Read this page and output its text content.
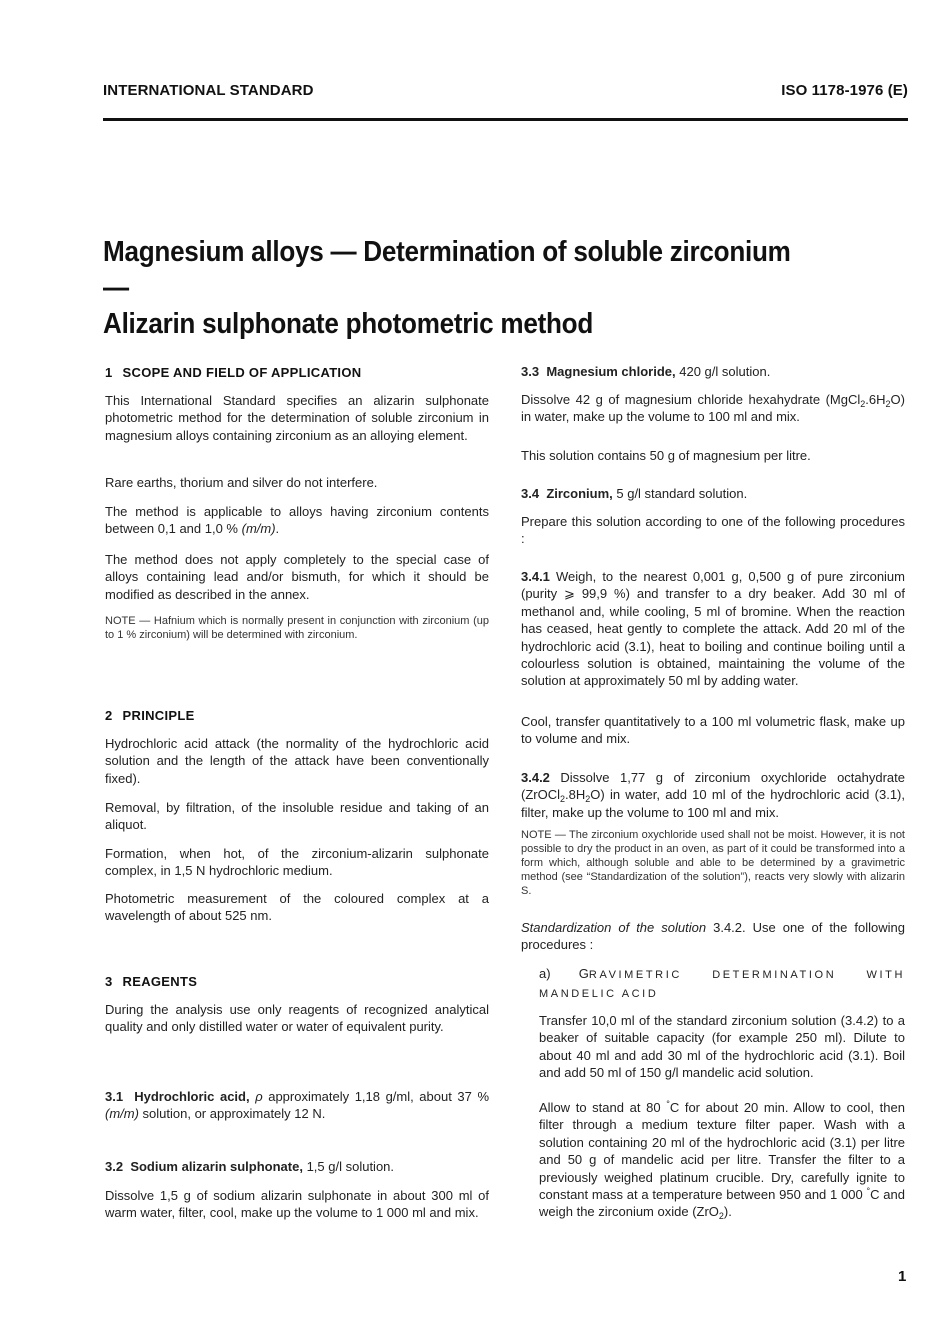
INTERNATIONAL STANDARD	ISO 1178-1976 (E)
Magnesium alloys — Determination of soluble zirconium —
Alizarin sulphonate photometric method
1 SCOPE AND FIELD OF APPLICATION
This International Standard specifies an alizarin sulphonate photometric method for the determination of soluble zirconium in magnesium alloys containing zirconium as an alloying element.
Rare earths, thorium and silver do not interfere.
The method is applicable to alloys having zirconium contents between 0,1 and 1,0 % (m/m).
The method does not apply completely to the special case of alloys containing lead and/or bismuth, for which it should be modified as described in the annex.
NOTE — Hafnium which is normally present in conjunction with zirconium (up to 1 % zirconium) will be determined with zirconium.
2 PRINCIPLE
Hydrochloric acid attack (the normality of the hydrochloric acid solution and the length of the attack have been conventionally fixed).
Removal, by filtration, of the insoluble residue and taking of an aliquot.
Formation, when hot, of the zirconium-alizarin sulphonate complex, in 1,5 N hydrochloric medium.
Photometric measurement of the coloured complex at a wavelength of about 525 nm.
3 REAGENTS
During the analysis use only reagents of recognized analytical quality and only distilled water or water of equivalent purity.
3.1 Hydrochloric acid, ρ approximately 1,18 g/ml, about 37 % (m/m) solution, or approximately 12 N.
3.2 Sodium alizarin sulphonate, 1,5 g/l solution.
Dissolve 1,5 g of sodium alizarin sulphonate in about 300 ml of warm water, filter, cool, make up the volume to 1 000 ml and mix.
3.3 Magnesium chloride, 420 g/l solution.
Dissolve 42 g of magnesium chloride hexahydrate $(MgCl_2.6H_2O)$ in water, make up the volume to 100 ml and mix.
This solution contains 50 g of magnesium per litre.
3.4 Zirconium, 5 g/l standard solution.
Prepare this solution according to one of the following procedures :
3.4.1 Weigh, to the nearest 0,001 g, 0,500 g of pure zirconium (purity ⩾ 99,9 %) and transfer to a dry beaker. Add 30 ml of methanol and, while cooling, 5 ml of bromine. When the reaction has ceased, heat gently to complete the attack. Add 20 ml of the hydrochloric acid (3.1), heat to boiling and continue boiling until a colourless solution is obtained, maintaining the volume of the solution at approximately 50 ml by adding water.
Cool, transfer quantitatively to a 100 ml volumetric flask, make up to volume and mix.
3.4.2 Dissolve 1,77 g of zirconium oxychloride octahydrate $(ZrOCl_2.8H_2O)$ in water, add 10 ml of the hydrochloric acid (3.1), filter, make up the volume to 100 ml and mix.
NOTE — The zirconium oxychloride used shall not be moist. However, it is not possible to dry the product in an oven, as part of it could be transformed into a form which, although soluble and able to be determined by a gravimetric method (see “Standardization of the solution”), reacts very slowly with alizarin S.
Standardization of the solution 3.4.2. Use one of the following procedures :
a) GRAVIMETRIC DETERMINATION WITH MANDELIC ACID
Transfer 10,0 ml of the standard zirconium solution (3.4.2) to a beaker of suitable capacity (for example 250 ml). Dilute to about 40 ml and add 30 ml of the hydrochloric acid (3.1). Boil and add 50 ml of 150 g/l mandelic acid solution.
Allow to stand at 80 °C for about 20 min. Allow to cool, then filter through a medium texture filter paper. Wash with a solution containing 20 ml of the hydrochloric acid (3.1) per litre and 50 g of mandelic acid per litre. Transfer the filter to a previously weighed platinum crucible. Dry, carefully ignite to constant mass at a temperature between 950 and 1 000 °C and weigh the zirconium oxide (ZrO$_2$).
1
